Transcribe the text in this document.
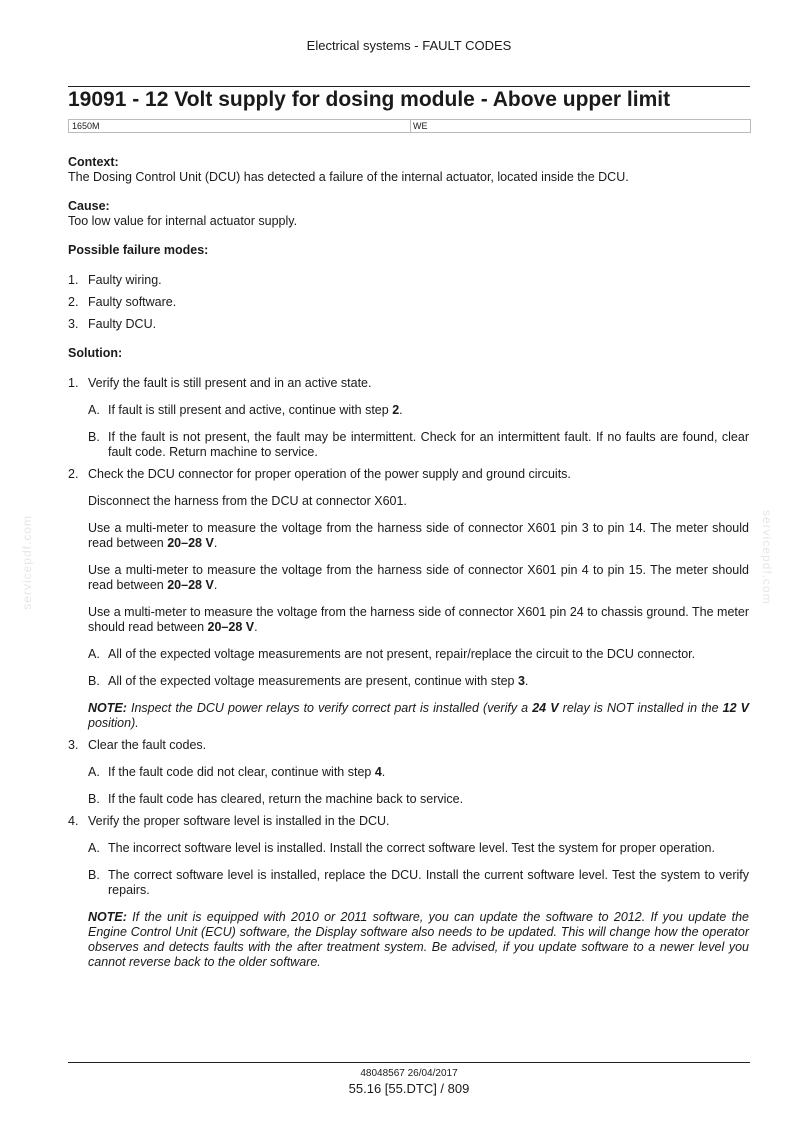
Electrical systems - FAULT CODES
19091 - 12 Volt supply for dosing module - Above upper limit
1650M	WE
servicepdf.com	servicepdf.com

Context:

The Dosing Control Unit (DCU) has detected a failure of the internal actuator, located inside the DCU.

Cause:

Too low value for internal actuator supply.

Possible failure modes:

1. Faulty wiring.
2. Faulty software.
3. Faulty DCU.

Solution:

1. Verify the fault is still present and in an active state.
A. If fault is still present and active, continue with step 2.
B. If the fault is not present, the fault may be intermittent. Check for an intermittent fault. If no faults are found, clear fault code. Return machine to service.
2. Check the DCU connector for proper operation of the power supply and ground circuits.
Disconnect the harness from the DCU at connector X601.
Use a multi-meter to measure the voltage from the harness side of connector X601 pin 3 to pin 14. The meter should read between 20–28 V.
Use a multi-meter to measure the voltage from the harness side of connector X601 pin 4 to pin 15. The meter should read between 20–28 V.
Use a multi-meter to measure the voltage from the harness side of connector X601 pin 24 to chassis ground. The meter should read between 20–28 V.
A. All of the expected voltage measurements are not present, repair/replace the circuit to the DCU connector.
B. All of the expected voltage measurements are present, continue with step 3.
NOTE: Inspect the DCU power relays to verify correct part is installed (verify a 24 V relay is NOT installed in the 12 V position).
3. Clear the fault codes.
A. If the fault code did not clear, continue with step 4.
B. If the fault code has cleared, return the machine back to service.
4. Verify the proper software level is installed in the DCU.
A. The incorrect software level is installed. Install the correct software level. Test the system for proper operation.
B. The correct software level is installed, replace the DCU. Install the current software level. Test the system to verify repairs.
NOTE: If the unit is equipped with 2010 or 2011 software, you can update the software to 2012. If you update the Engine Control Unit (ECU) software, the Display software also needs to be updated. This will change how the operator observes and detects faults with the after treatment system. Be advised, if you update software to a newer level you cannot reverse back to the older software.
48048567 26/04/2017
55.16 [55.DTC] / 809
